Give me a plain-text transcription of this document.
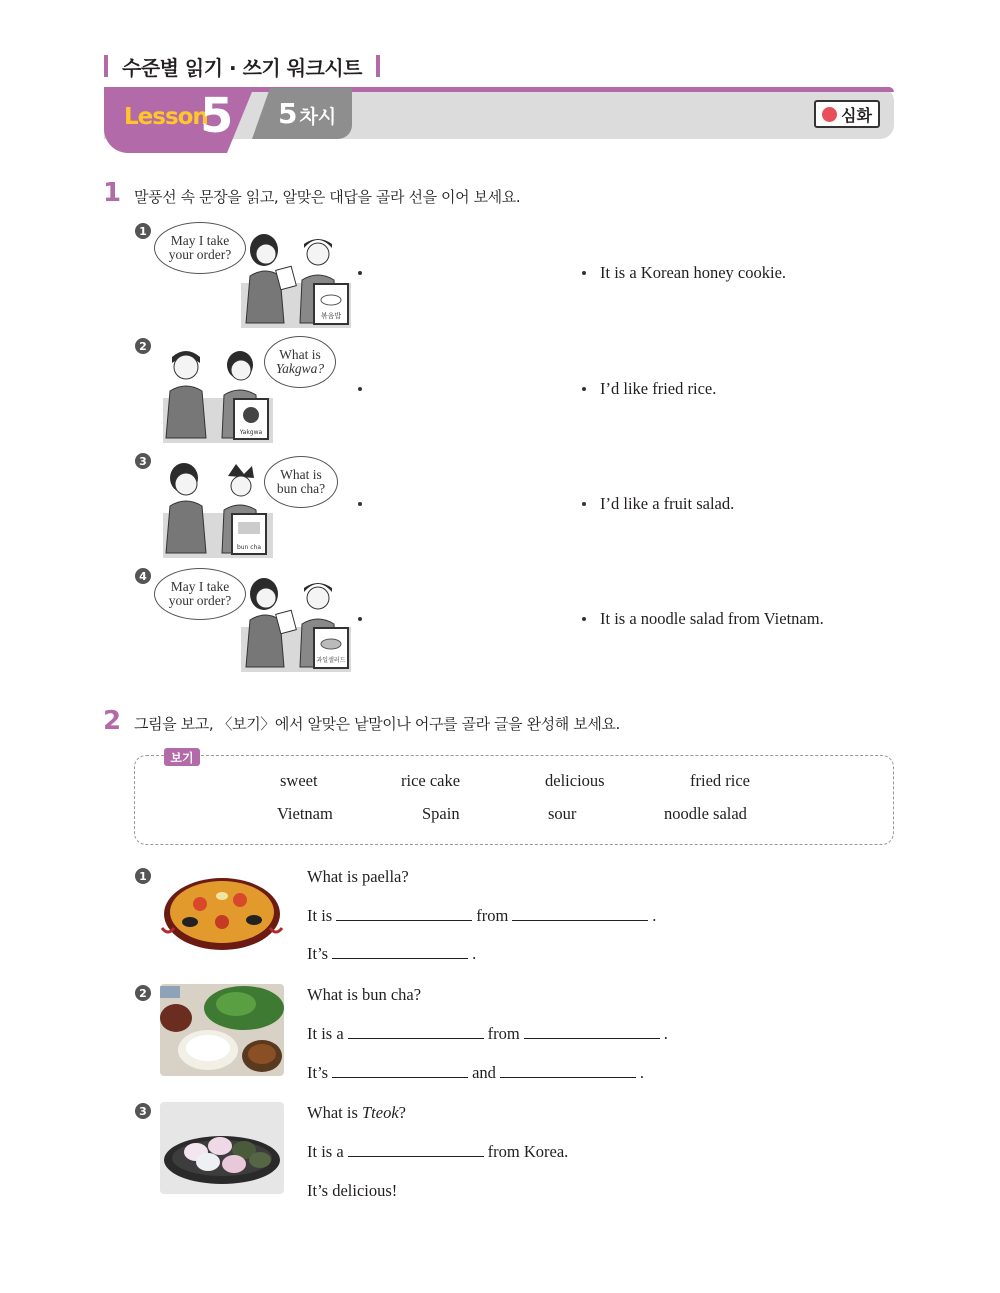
수준별 읽기 · 쓰기 워크시트
Lesson
5 5 차시	심화
1 말풍선 속 문장을 읽고, 알맞은 대답을 골라 선을 이어 보세요.
1
May I take
your order?
볶음밥
2
Yakgwa
What is
Yakgwa?
3
bun cha
What is
bun cha?
4
May I take
your order?
과일샐러드
It is a Korean honey cookie.
I’d like fried rice.
I’d like a fruit salad.
It is a noodle salad from Vietnam.
2 그림을 보고, 〈보기〉에서 알맞은 낱말이나 어구를 골라 글을 완성해 보세요.
보기
sweet	rice cake	delicious	fried rice
Vietnam	Spain	sour	noodle salad
1	What is paella?
It is	from	.
It’s	.
2	What is bun cha?
It is a	from	.
It’s	and	.
3	What is Tteok?
It is a	from Korea.
It’s delicious!
